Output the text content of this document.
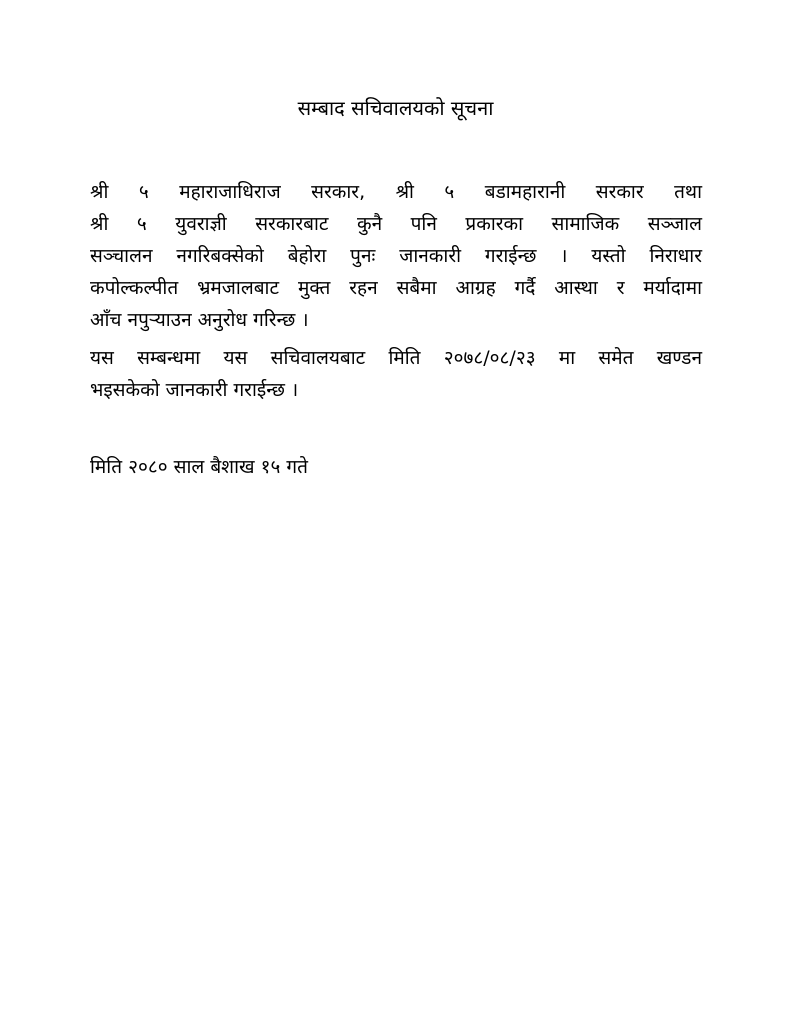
सम्बाद सचिवालयको सूचना
श्री ५ महाराजाधिराज सरकार, श्री ५ बडामहारानी सरकार तथा
श्री ५ युवराज्ञी सरकारबाट कुनै पनि प्रकारका सामाजिक सञ्जाल
सञ्चालन नगरिबक्सेको बेहोरा पुनः जानकारी गराईन्छ । यस्तो निराधार
कपोल्कल्पीत भ्रमजालबाट मुक्त रहन सबैमा आग्रह गर्दै आस्था र मर्यादामा
आँच नपुर्‍याउन अनुरोध गरिन्छ ।
यस सम्बन्धमा यस सचिवालयबाट मिति २०७८/०८/२३ मा समेत खण्डन
भइसकेको जानकारी गराईन्छ ।
मिति २०८० साल बैशाख १५ गते
